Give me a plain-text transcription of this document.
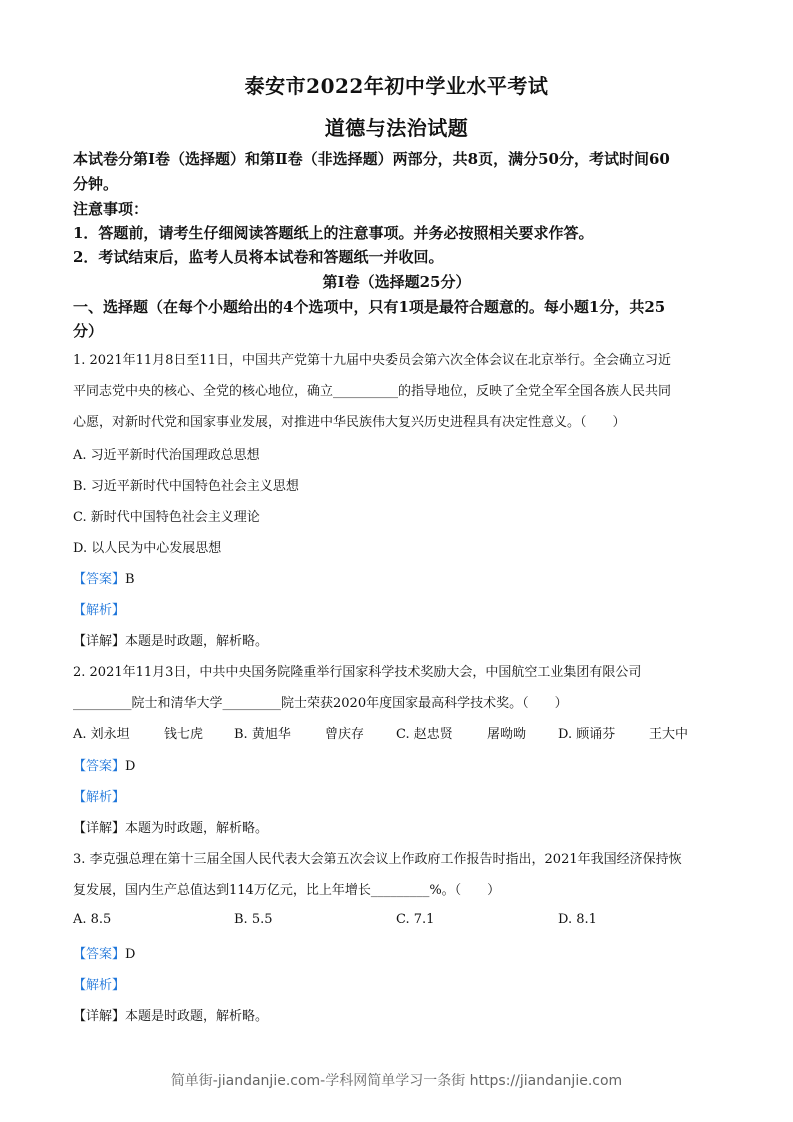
泰安市2022年初中学业水平考试
道德与法治试题
本试卷分第Ⅰ卷（选择题）和第Ⅱ卷（非选择题）两部分，共8页，满分50分，考试时间60
分钟。
注意事项：
1．答题前，请考生仔细阅读答题纸上的注意事项。并务必按照相关要求作答。
2．考试结束后，监考人员将本试卷和答题纸一并收回。
第I卷（选择题25分）
一、选择题（在每个小题给出的4个选项中，只有1项是最符合题意的。每小题1分，共25
分）
1. 2021年11月8日至11日，中国共产党第十九届中央委员会第六次全体会议在北京举行。全会确立习近
平同志党中央的核心、全党的核心地位，确立__________的指导地位，反映了全党全军全国各族人民共同
心愿，对新时代党和国家事业发展，对推进中华民族伟大复兴历史进程具有决定性意义。（　　）
A. 习近平新时代治国理政总思想
B. 习近平新时代中国特色社会主义思想
C. 新时代中国特色社会主义理论
D. 以人民为中心发展思想
【答案】B
【解析】
【详解】本题是时政题，解析略。
2. 2021年11月3日，中共中央国务院隆重举行国家科学技术奖励大会，中国航空工业集团有限公司
_________院士和清华大学_________院士荣获2020年度国家最高科学技术奖。（　　）
A. 刘永坦	钱七虎 B. 黄旭华	曾庆存 C. 赵忠贤	屠呦呦 D. 顾诵芬	王大中
【答案】D
【解析】
【详解】本题为时政题，解析略。
3. 李克强总理在第十三届全国人民代表大会第五次会议上作政府工作报告时指出，2021年我国经济保持恢
复发展，国内生产总值达到114万亿元，比上年增长_________%。（　　）
A. 8.5	B. 5.5	C. 7.1	D. 8.1
【答案】D
【解析】
【详解】本题是时政题，解析略。
简单街-jiandanjie.com-学科网简单学习一条街 https://jiandanjie.com
